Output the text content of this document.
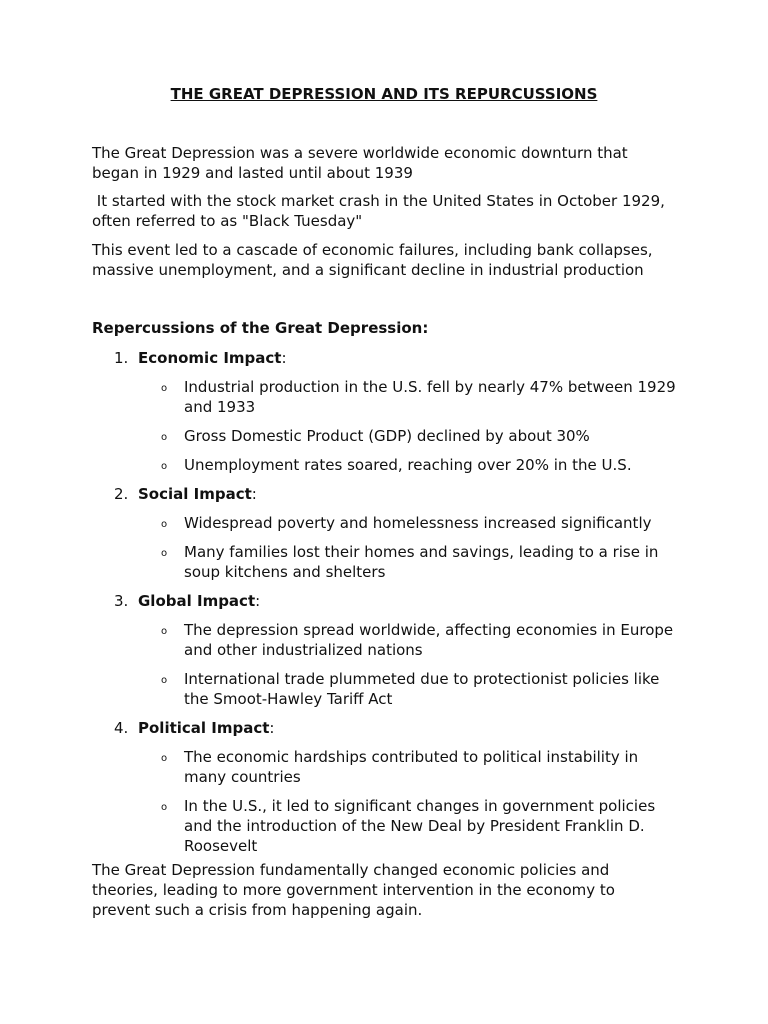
THE GREAT DEPRESSION AND ITS REPURCUSSIONS

The Great Depression was a severe worldwide economic downturn that began in 1929 and lasted until about 1939

It started with the stock market crash in the United States in October 1929, often referred to as "Black Tuesday"

This event led to a cascade of economic failures, including bank collapses, massive unemployment, and a significant decline in industrial production

Repercussions of the Great Depression:
1. Economic Impact:
o Industrial production in the U.S. fell by nearly 47% between 1929 and 1933
o Gross Domestic Product (GDP) declined by about 30%
o Unemployment rates soared, reaching over 20% in the U.S.
2. Social Impact:
o Widespread poverty and homelessness increased significantly
o Many families lost their homes and savings, leading to a rise in soup kitchens and shelters
3. Global Impact:
o The depression spread worldwide, affecting economies in Europe and other industrialized nations
o International trade plummeted due to protectionist policies like the Smoot-Hawley Tariff Act
4. Political Impact:
o The economic hardships contributed to political instability in many countries
o In the U.S., it led to significant changes in government policies and the introduction of the New Deal by President Franklin D. Roosevelt

The Great Depression fundamentally changed economic policies and theories, leading to more government intervention in the economy to prevent such a crisis from happening again.
